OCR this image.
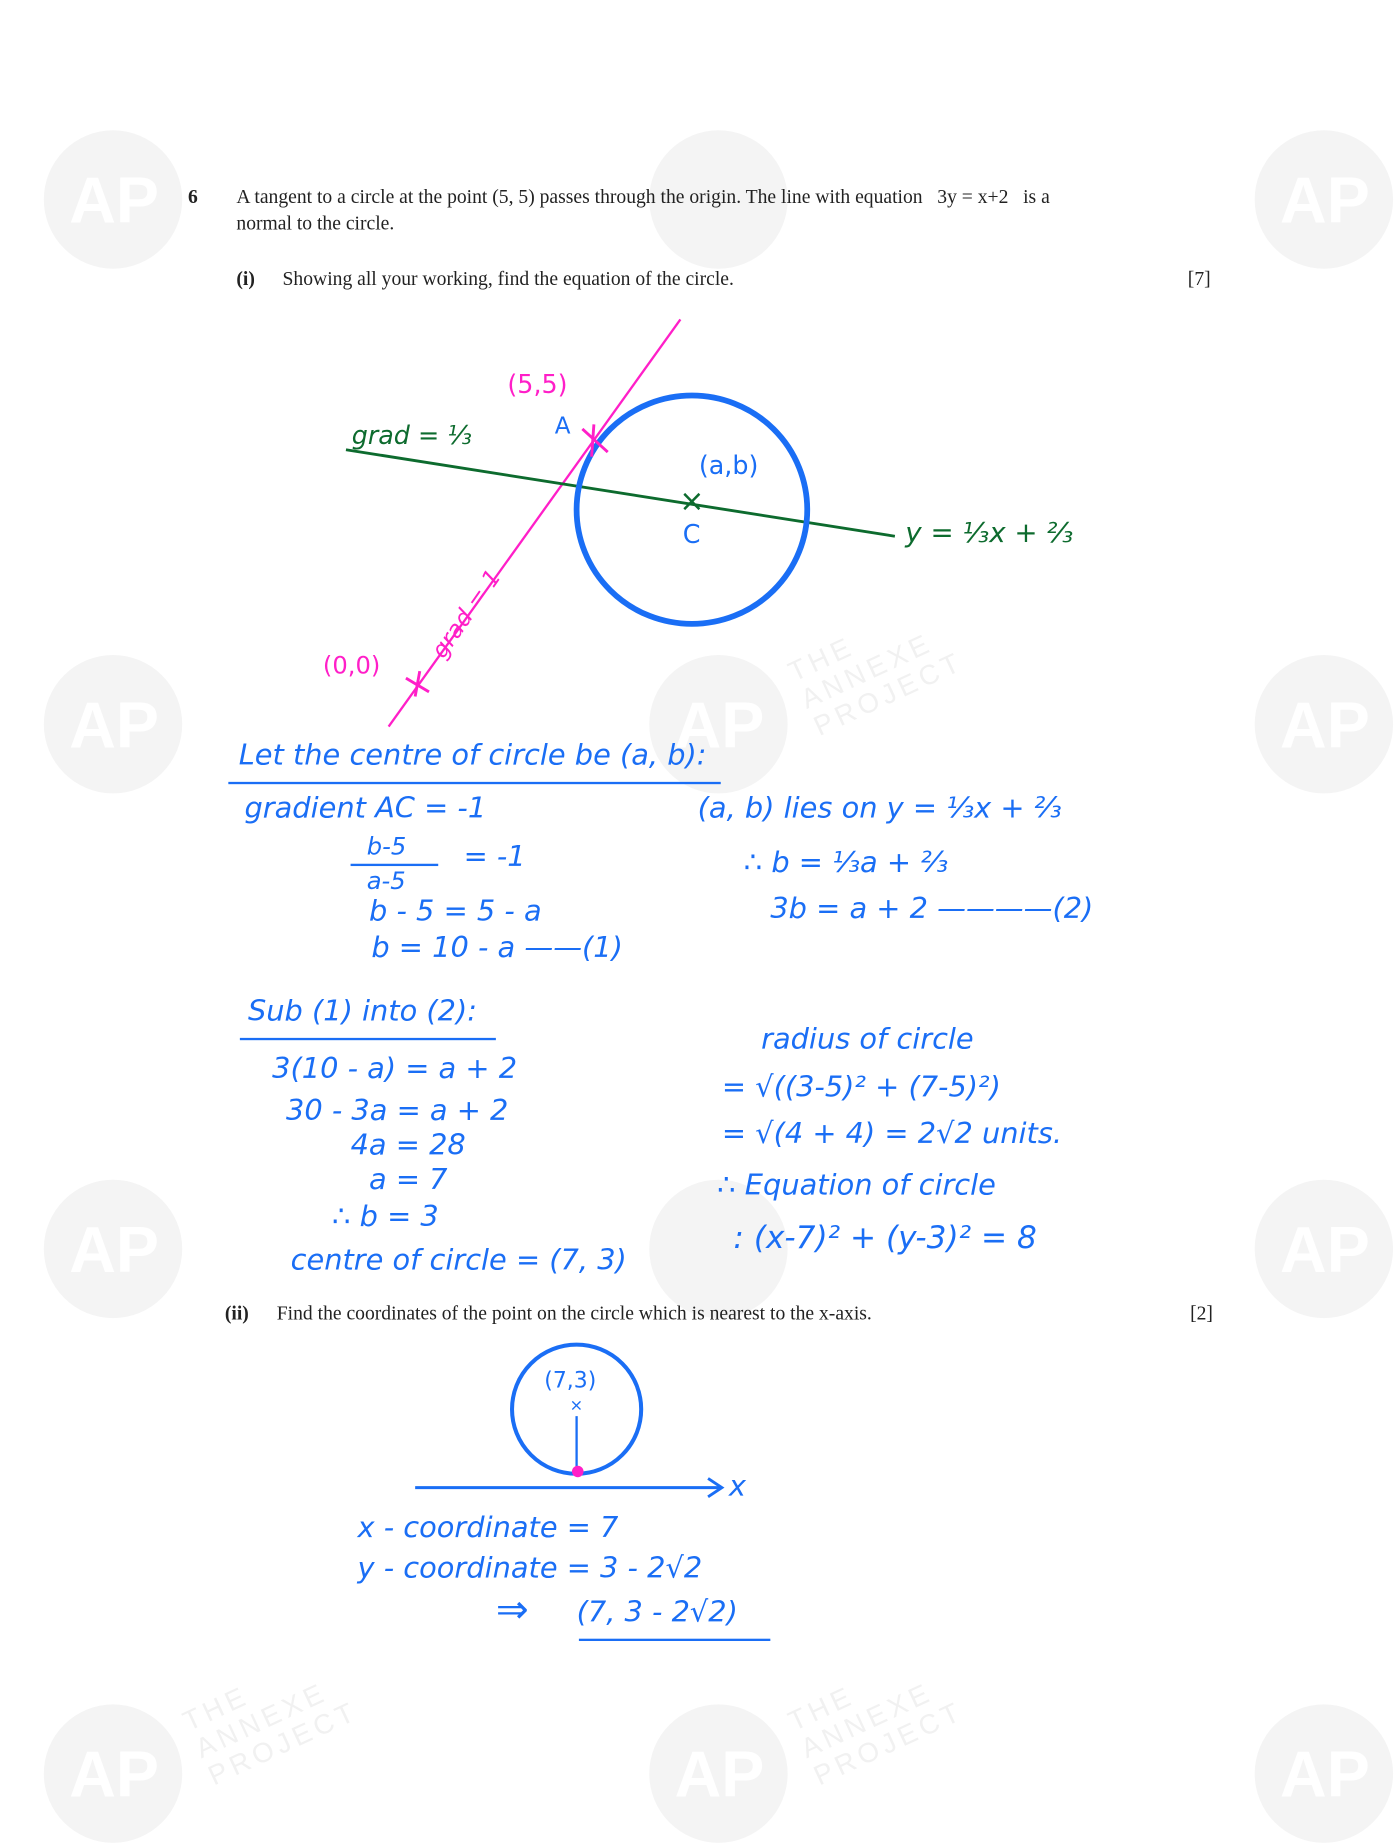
AP	AP
AP	AP	AP
AP	AP
AP	AP	AP
THE
ANNEXE
PROJECT
THE
ANNEXE
PROJECT	THE
ANNEXE
PROJECT
6 A tangent to a circle at the point (5, 5) passes through the origin. The line with equation   3y = x+2   is a
normal to the circle.
(i) Showing all your working, find the equation of the circle.	[7]
(5,5)
A
grad = ⅓
grad = 1
(a,b)
×
C
(0,0)
y = ⅓x + ⅔
Let the centre of circle be (a, b):
gradient AC = -1
b-5
a-5
= -1
b - 5 = 5 - a
b = 10 - a ——(1)
(a, b) lies on y = ⅓x + ⅔
∴ b = ⅓a + ⅔
3b = a + 2 ————(2)
Sub (1) into (2):
3(10 - a) = a + 2
30 - 3a = a + 2
4a = 28
a = 7
∴ b = 3
centre of circle = (7, 3)
radius of circle
= √((3-5)² + (7-5)²)
= √(4 + 4) = 2√2 units.
∴ Equation of circle
: (x-7)² + (y-3)² = 8
(ii) Find the coordinates of the point on the circle which is nearest to the x-axis.	[2]
(7,3)
×
x
x - coordinate = 7
y - coordinate = 3 - 2√2
⇒ (7, 3 - 2√2)
